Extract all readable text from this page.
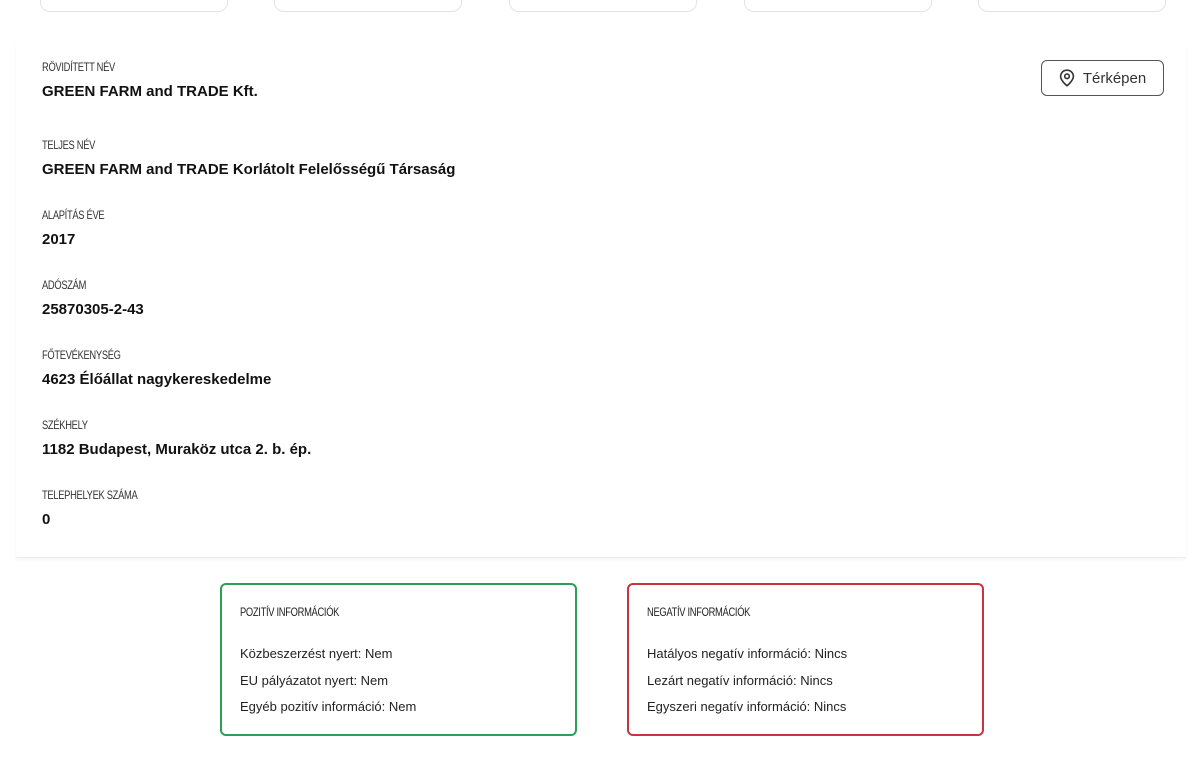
RÖVIDÍTETT NÉV
GREEN FARM and TRADE Kft.
TELJES NÉV
GREEN FARM and TRADE Korlátolt Felelősségű Társaság
ALAPÍTÁS ÉVE
2017
ADÓSZÁM
25870305-2-43
FŐTEVÉKENYSÉG
4623 Élőállat nagykereskedelme
SZÉKHELY
1182 Budapest, Muraköz utca 2. b. ép.
TELEPHELYEK SZÁMA
0
Térképen
POZITÍV INFORMÁCIÓK
Közbeszerzést nyert: Nem
EU pályázatot nyert: Nem
Egyéb pozitív információ: Nem
NEGATÍV INFORMÁCIÓK
Hatályos negatív információ: Nincs
Lezárt negatív információ: Nincs
Egyszeri negatív információ: Nincs
